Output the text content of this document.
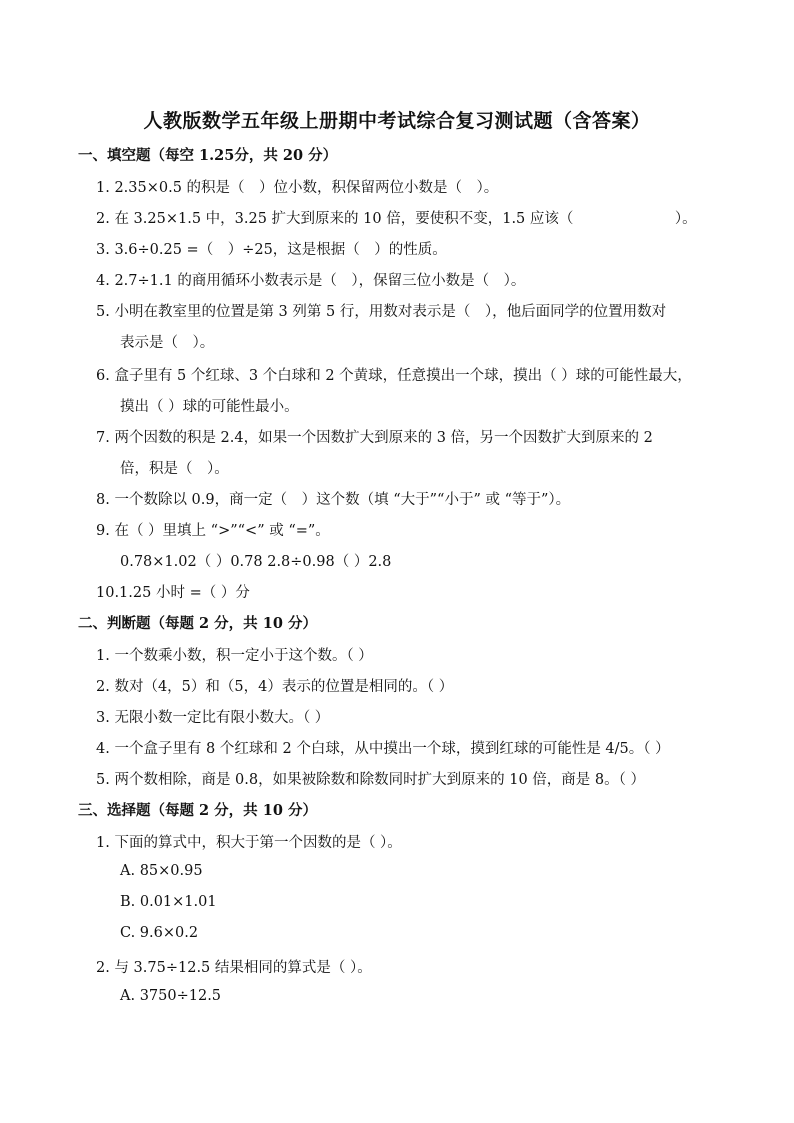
人教版数学五年级上册期中考试综合复习测试题（含答案）
一、填空题（每空 1.25分，共 20 分）
1. 2.35×0.5 的积是（　）位小数，积保留两位小数是（　）。
2. 在 3.25×1.5 中，3.25 扩大到原来的 10 倍，要使积不变，1.5 应该（　　　　　　　）。
3. 3.6÷0.25 =（　）÷25，这是根据（　）的性质。
4. 2.7÷1.1 的商用循环小数表示是（　），保留三位小数是（　）。
5. 小明在教室里的位置是第 3 列第 5 行，用数对表示是（　），他后面同学的位置用数对
表示是（　）。
6. 盒子里有 5 个红球、3 个白球和 2 个黄球，任意摸出一个球，摸出（ ）球的可能性最大，
摸出（ ）球的可能性最小。
7. 两个因数的积是 2.4，如果一个因数扩大到原来的 3 倍，另一个因数扩大到原来的 2
倍，积是（　）。
8. 一个数除以 0.9，商一定（　）这个数（填 “大于”“小于” 或 “等于”）。
9. 在（ ）里填上 “>”“<” 或 “=”。
0.78×1.02（ ）0.78 2.8÷0.98（ ）2.8
10.1.25 小时 =（ ）分
二、判断题（每题 2 分，共 10 分）
1. 一个数乘小数，积一定小于这个数。（ ）
2. 数对（4，5）和（5，4）表示的位置是相同的。（ ）
3. 无限小数一定比有限小数大。（ ）
4. 一个盒子里有 8 个红球和 2 个白球，从中摸出一个球，摸到红球的可能性是 4/5。（ ）
5. 两个数相除，商是 0.8，如果被除数和除数同时扩大到原来的 10 倍，商是 8。（ ）
三、选择题（每题 2 分，共 10 分）
1. 下面的算式中，积大于第一个因数的是（ ）。
A. 85×0.95
B. 0.01×1.01
C. 9.6×0.2
2. 与 3.75÷12.5 结果相同的算式是（ ）。
A. 3750÷12.5
